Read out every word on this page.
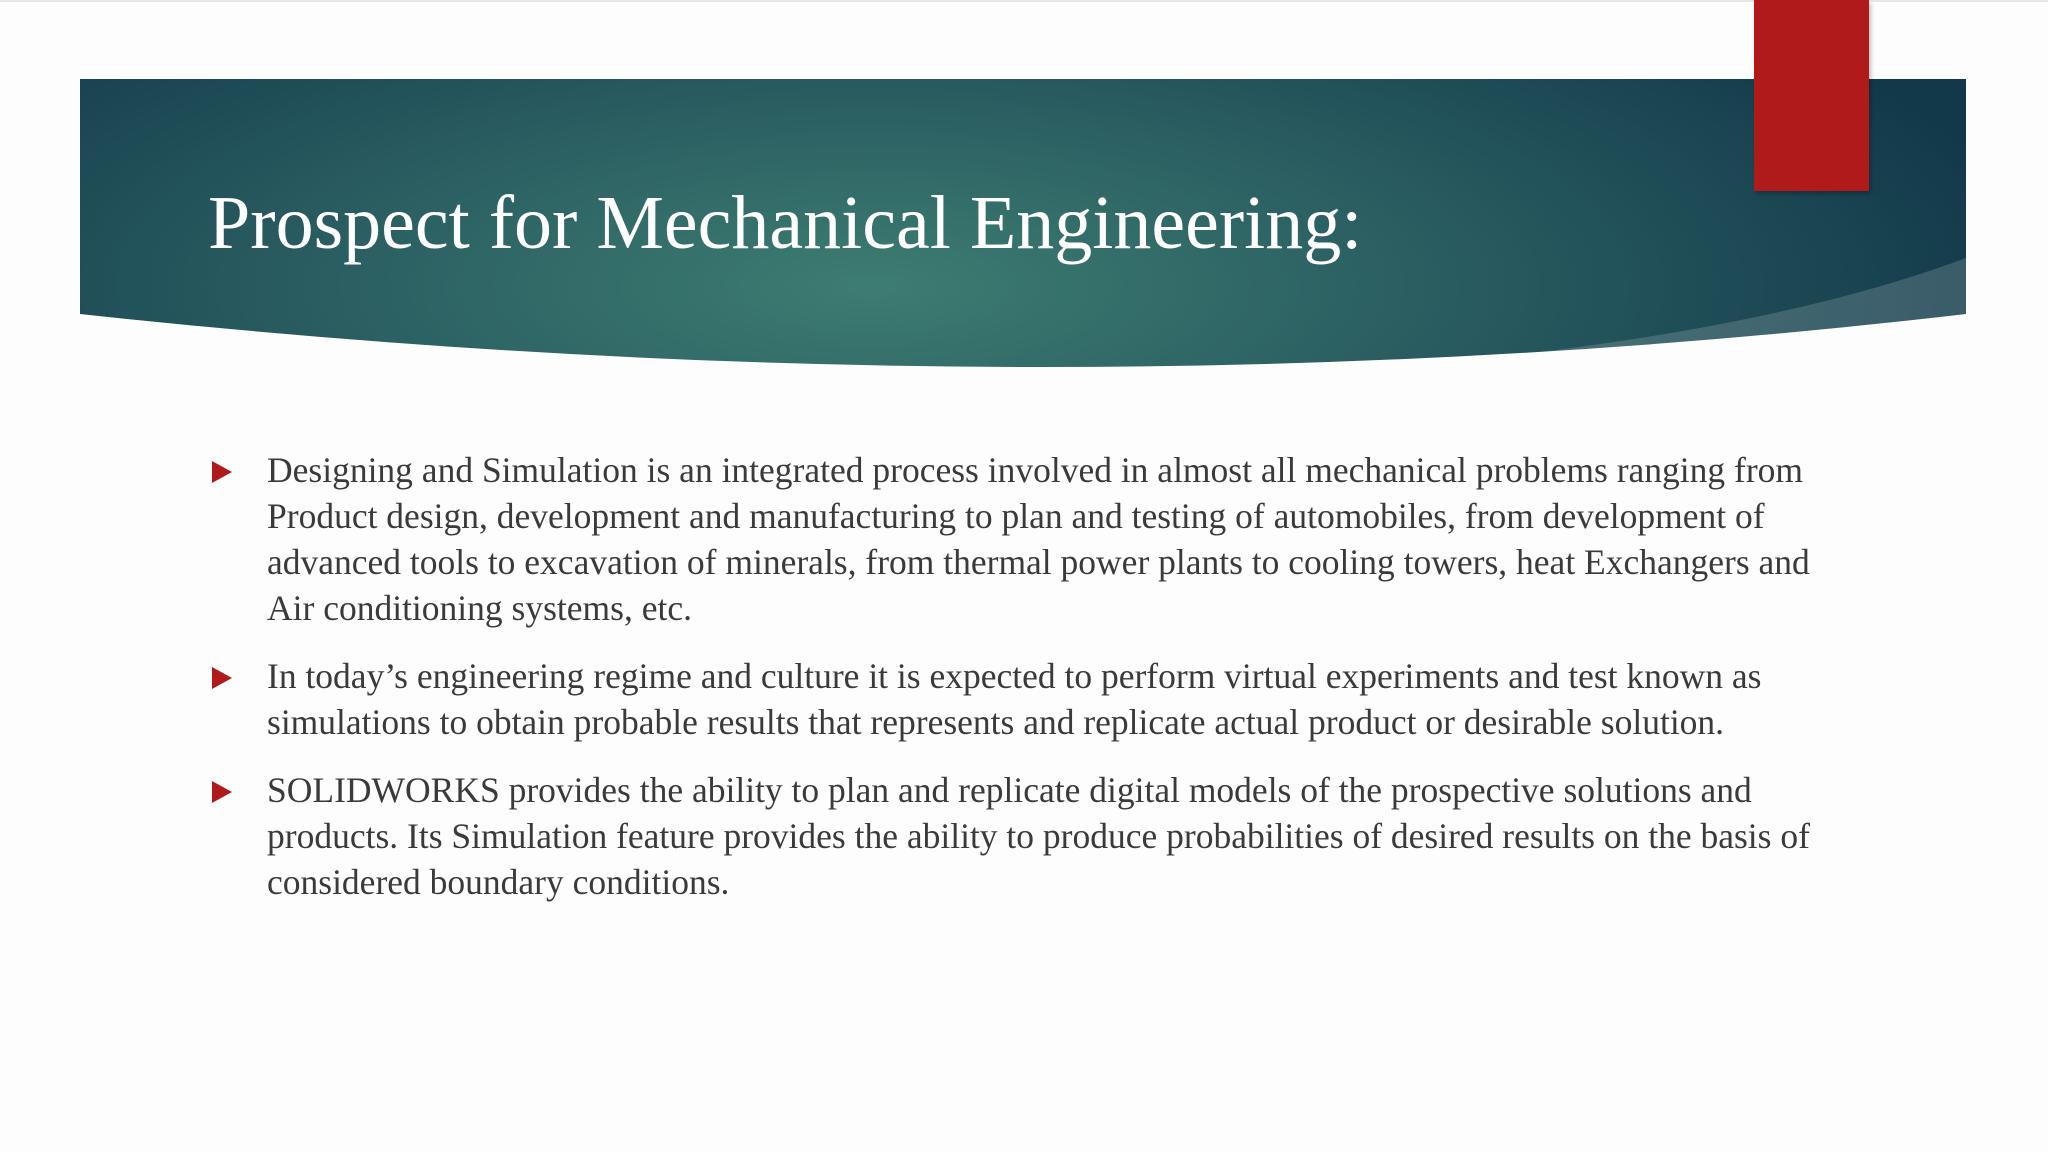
Prospect for Mechanical Engineering:
Designing and Simulation is an integrated process involved in almost all mechanical problems ranging from Product design, development and manufacturing to plan and testing of automobiles, from development of advanced tools to excavation of minerals, from thermal power plants to cooling towers, heat Exchangers and Air conditioning systems, etc.
In today’s engineering regime and culture it is expected to perform virtual experiments and test known as simulations to obtain probable results that represents and replicate actual product or desirable solution.
SOLIDWORKS provides the ability to plan and replicate digital models of the prospective solutions and products. Its Simulation feature provides the ability to produce probabilities of desired results on the basis of considered boundary conditions.
